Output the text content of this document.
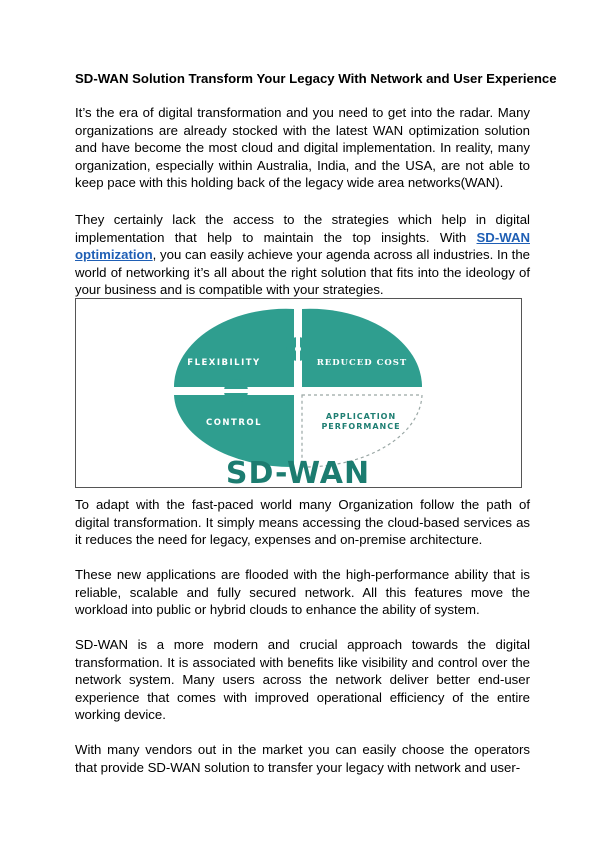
SD-WAN Solution Transform Your Legacy With Network and User Experience

It’s the era of digital transformation and you need to get into the radar. Many organizations are already stocked with the latest WAN optimization solution and have become the most cloud and digital implementation. In reality, many organization, especially within Australia, India, and the USA, are not able to keep pace with this holding back of the legacy wide area networks(WAN).

They certainly lack the access to the strategies which help in digital implementation that help to maintain the top insights. With SD-WAN optimization, you can easily achieve your agenda across all industries. In the world of networking it’s all about the right solution that fits into the ideology of your business and is compatible with your strategies.

FLEXIBILITY	REDUCED COST
CONTROL
APPLICATION
PERFORMANCE
SD-WAN

To adapt with the fast-paced world many Organization follow the path of digital transformation. It simply means accessing the cloud-based services as it reduces the need for legacy, expenses and on-premise architecture.

These new applications are flooded with the high-performance ability that is reliable, scalable and fully secured network. All this features move the workload into public or hybrid clouds to enhance the ability of system.

SD-WAN is a more modern and crucial approach towards the digital transformation. It is associated with benefits like visibility and control over the network system. Many users across the network deliver better end-user experience that comes with improved operational efficiency of the entire working device.

With many vendors out in the market you can easily choose the operators that provide SD-WAN solution to transfer your legacy with network and user-
